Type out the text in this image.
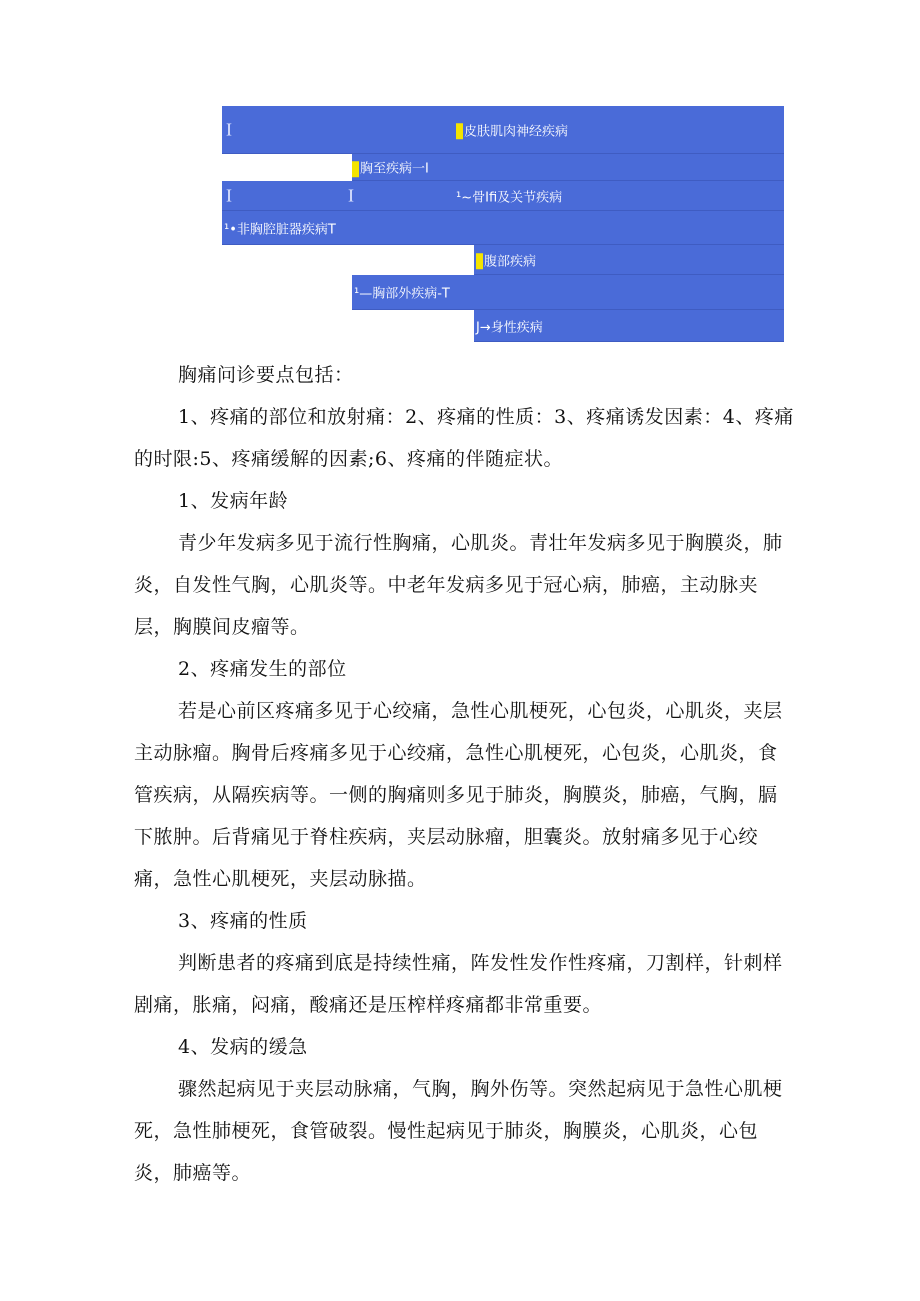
I	皮肤肌肉神经疾病
胸至疾病一I
I	I	¹~骨Ifi及关节疾病
¹•非胸腔脏器疾病T
腹部疾病
¹—胸部外疾病-T
J→身性疾病

胸痛问诊要点包括：

1、疼痛的部位和放射痛：2、疼痛的性质：3、疼痛诱发因素：4、疼痛的时限:5、疼痛缓解的因素;6、疼痛的伴随症状。

1、发病年龄

青少年发病多见于流行性胸痛，心肌炎。青壮年发病多见于胸膜炎，肺炎，自发性气胸，心肌炎等。中老年发病多见于冠心病，肺癌，主动脉夹层，胸膜间皮瘤等。

2、疼痛发生的部位

若是心前区疼痛多见于心绞痛，急性心肌梗死，心包炎，心肌炎，夹层主动脉瘤。胸骨后疼痛多见于心绞痛，急性心肌梗死，心包炎，心肌炎，食管疾病，从隔疾病等。一侧的胸痛则多见于肺炎，胸膜炎，肺癌，气胸，膈下脓肿。后背痛见于脊柱疾病，夹层动脉瘤，胆囊炎。放射痛多见于心绞痛，急性心肌梗死，夹层动脉描。

3、疼痛的性质

判断患者的疼痛到底是持续性痛，阵发性发作性疼痛，刀割样，针刺样剧痛，胀痛，闷痛，酸痛还是压榨样疼痛都非常重要。

4、发病的缓急

骤然起病见于夹层动脉痛，气胸，胸外伤等。突然起病见于急性心肌梗死，急性肺梗死，食管破裂。慢性起病见于肺炎，胸膜炎，心肌炎，心包炎，肺癌等。
